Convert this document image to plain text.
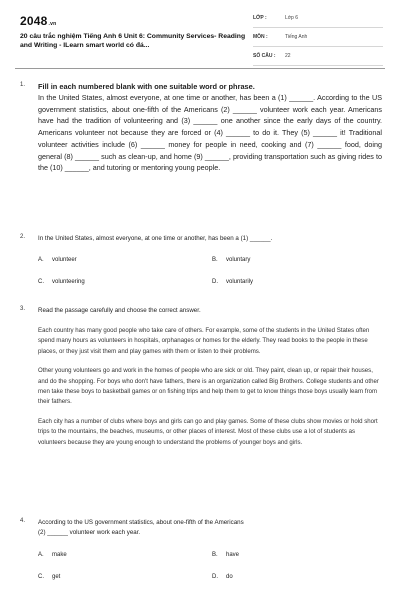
2048.vn
20 câu trắc nghiệm Tiếng Anh 6 Unit 6: Community Services- Reading and Writing - ILearn smart world có đá...
LỚP :	Lớp 6
MÔN :	Tiếng Anh
SỐ CÂU : 22
1. Fill in each numbered blank with one suitable word or phrase.
In the United States, almost everyone, at one time or another, has been a (1) ______. According to the US government statistics, about one-fifth of the Americans (2) ______ volunteer work each year. Americans have had the tradition of volunteering and (3) ______ one another since the early days of the country. Americans volunteer not because they are forced or (4) ______ to do it. They (5) ______ it! Traditional volunteer activities include (6) ______ money for people in need, cooking and (7) ______ food, doing general (8) ______ such as clean-up, and home (9) ______, providing transportation such as giving rides to the (10) ______, and tutoring or mentoring young people.
2. In the United States, almost everyone, at one time or another, has been a (1) ______.
A. volunteer	B. voluntary
C. volunteering	D. voluntarily
3. Read the passage carefully and choose the correct answer.

Each country has many good people who take care of others. For example, some of the students in the United States often spend many hours as volunteers in hospitals, orphanages or homes for the elderly. They read books to the people in these places, or they just visit them and play games with them or listen to their problems.

Other young volunteers go and work in the homes of people who are sick or old. They paint, clean up, or repair their houses, and do the shopping. For boys who don't have fathers, there is an organization called Big Brothers. College students and other men take these boys to basketball games or on fishing trips and help them to get to know things those boys usually learn from their fathers.

Each city has a number of clubs where boys and girls can go and play games. Some of these clubs show movies or hold short trips to the mountains, the beaches, museums, or other places of interest. Most of these clubs use a lot of students as volunteers because they are young enough to understand the problems of younger boys and girls.

4. According to the US government statistics, about one-fifth of the Americans (2) ______ volunteer work each year.
A. make	B. have
C. get	D. do
